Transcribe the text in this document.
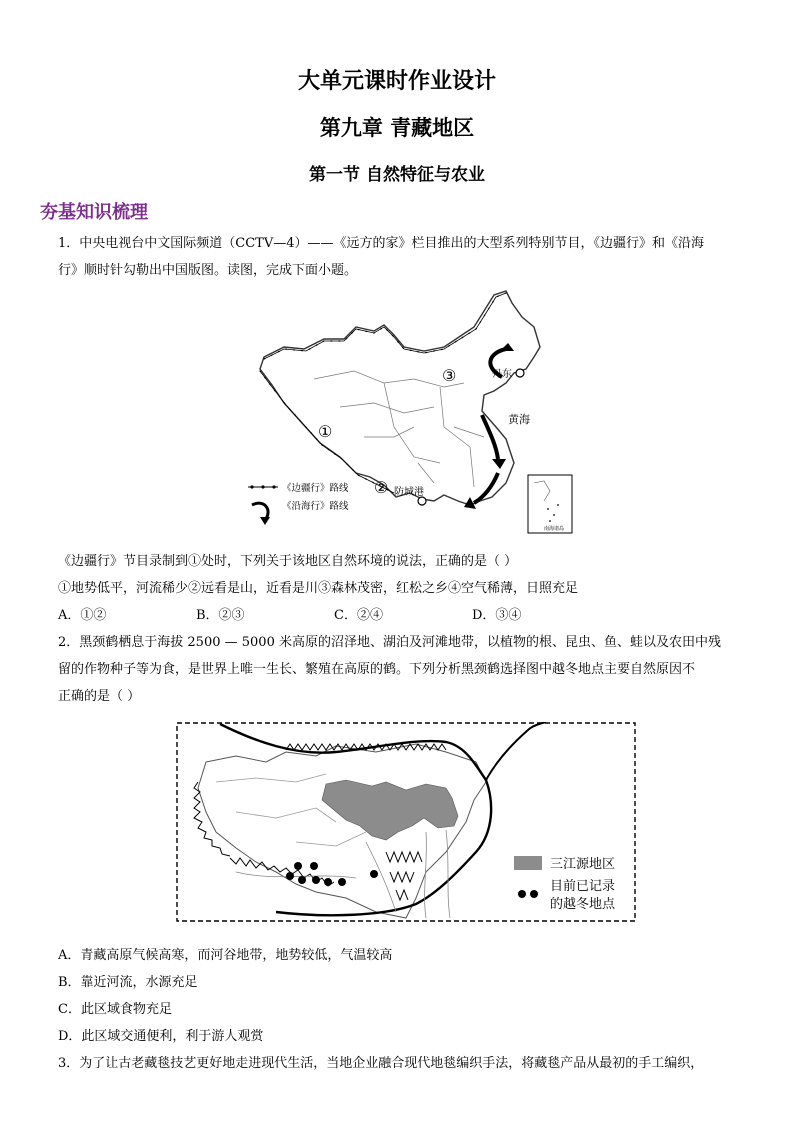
大单元课时作业设计
第九章 青藏地区
第一节 自然特征与农业
夯基知识梳理
1．中央电视台中文国际频道（CCTV—4）——《远方的家》栏目推出的大型系列特别节目，《边疆行》和《沿海
行》顺时针勾勒出中国版图。读图，完成下面小题。
①
②
③	丹东
黄海
防城港
《边疆行》路线
《沿海行》路线
南海诸岛
《边疆行》节目录制到①处时，下列关于该地区自然环境的说法，正确的是（ ）
①地势低平，河流稀少②远看是山，近看是川③森林茂密，红松之乡④空气稀薄，日照充足
A．①②	B．②③	C．②④	D．③④
2．黑颈鹤栖息于海拔 2500 — 5000 米高原的沼泽地、湖泊及河滩地带，以植物的根、昆虫、鱼、蛙以及农田中残
留的作物种子等为食，是世界上唯一生长、繁殖在高原的鹤。下列分析黑颈鹤选择图中越冬地点主要自然原因不
正确的是（ ）
三江源地区
目前已记录
的越冬地点
A．青藏高原气候高寒，而河谷地带，地势较低，气温较高
B．靠近河流，水源充足
C．此区域食物充足
D．此区域交通便利，利于游人观赏
3．为了让古老藏毯技艺更好地走进现代生活，当地企业融合现代地毯编织手法，将藏毯产品从最初的手工编织，
